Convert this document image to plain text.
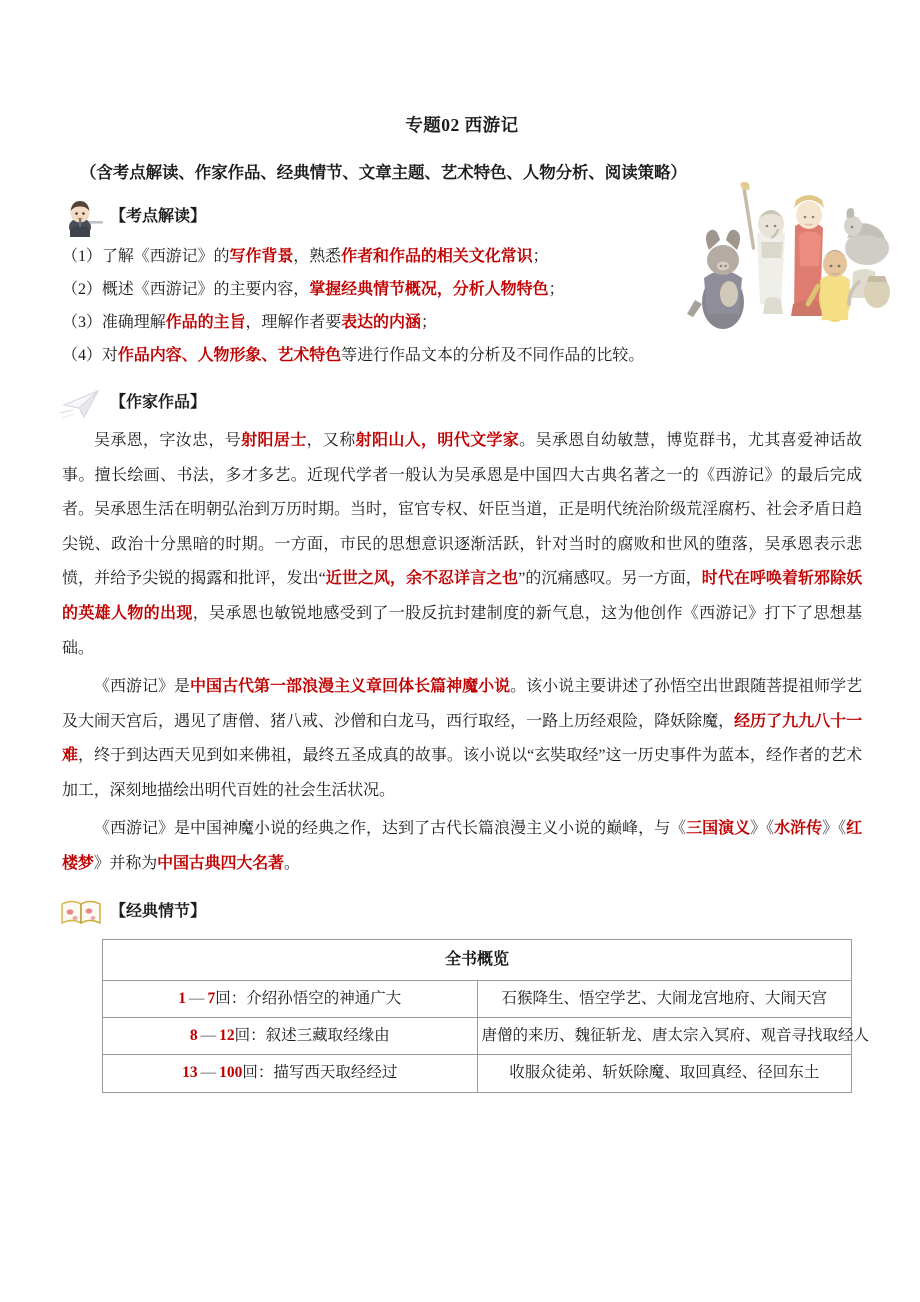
专题02 西游记
（含考点解读、作家作品、经典情节、文章主题、艺术特色、人物分析、阅读策略）
【考点解读】
（1）了解《西游记》的写作背景，熟悉作者和作品的相关文化常识；
（2）概述《西游记》的主要内容，掌握经典情节概况，分析人物特色；
（3）准确理解作品的主旨，理解作者要表达的内涵；
（4）对作品内容、人物形象、艺术特色等进行作品文本的分析及不同作品的比较。
【作家作品】

吴承恩，字汝忠，号射阳居士，又称射阳山人，明代文学家。吴承恩自幼敏慧，博览群书，尤其喜爱神话故事。擅长绘画、书法，多才多艺。近现代学者一般认为吴承恩是中国四大古典名著之一的《西游记》的最后完成者。吴承恩生活在明朝弘治到万历时期。当时，宦官专权、奸臣当道，正是明代统治阶级荒淫腐朽、社会矛盾日趋尖锐、政治十分黑暗的时期。一方面，市民的思想意识逐渐活跃，针对当时的腐败和世风的堕落，吴承恩表示悲愤，并给予尖锐的揭露和批评，发出“近世之风，余不忍详言之也”的沉痛感叹。另一方面，时代在呼唤着斩邪除妖的英雄人物的出现，吴承恩也敏锐地感受到了一股反抗封建制度的新气息，这为他创作《西游记》打下了思想基础。

《西游记》是中国古代第一部浪漫主义章回体长篇神魔小说。该小说主要讲述了孙悟空出世跟随菩提祖师学艺及大闹天宫后，遇见了唐僧、猪八戒、沙僧和白龙马，西行取经，一路上历经艰险，降妖除魔，经历了九九八十一难，终于到达西天见到如来佛祖，最终五圣成真的故事。该小说以“玄奘取经”这一历史事件为蓝本，经作者的艺术加工，深刻地描绘出明代百姓的社会生活状况。

《西游记》是中国神魔小说的经典之作，达到了古代长篇浪漫主义小说的巅峰，与《三国演义》《水浒传》《红楼梦》并称为中国古典四大名著。

【经典情节】
全书概览	
1 — 7回：介绍孙悟空的神通广大	石猴降生、悟空学艺、大闹龙宫地府、大闹天宫
8 — 12回：叙述三藏取经缘由	唐僧的来历、魏征斩龙、唐太宗入冥府、观音寻找取经人
13 — 100回：描写西天取经经过	收服众徒弟、斩妖除魔、取回真经、径回东土
